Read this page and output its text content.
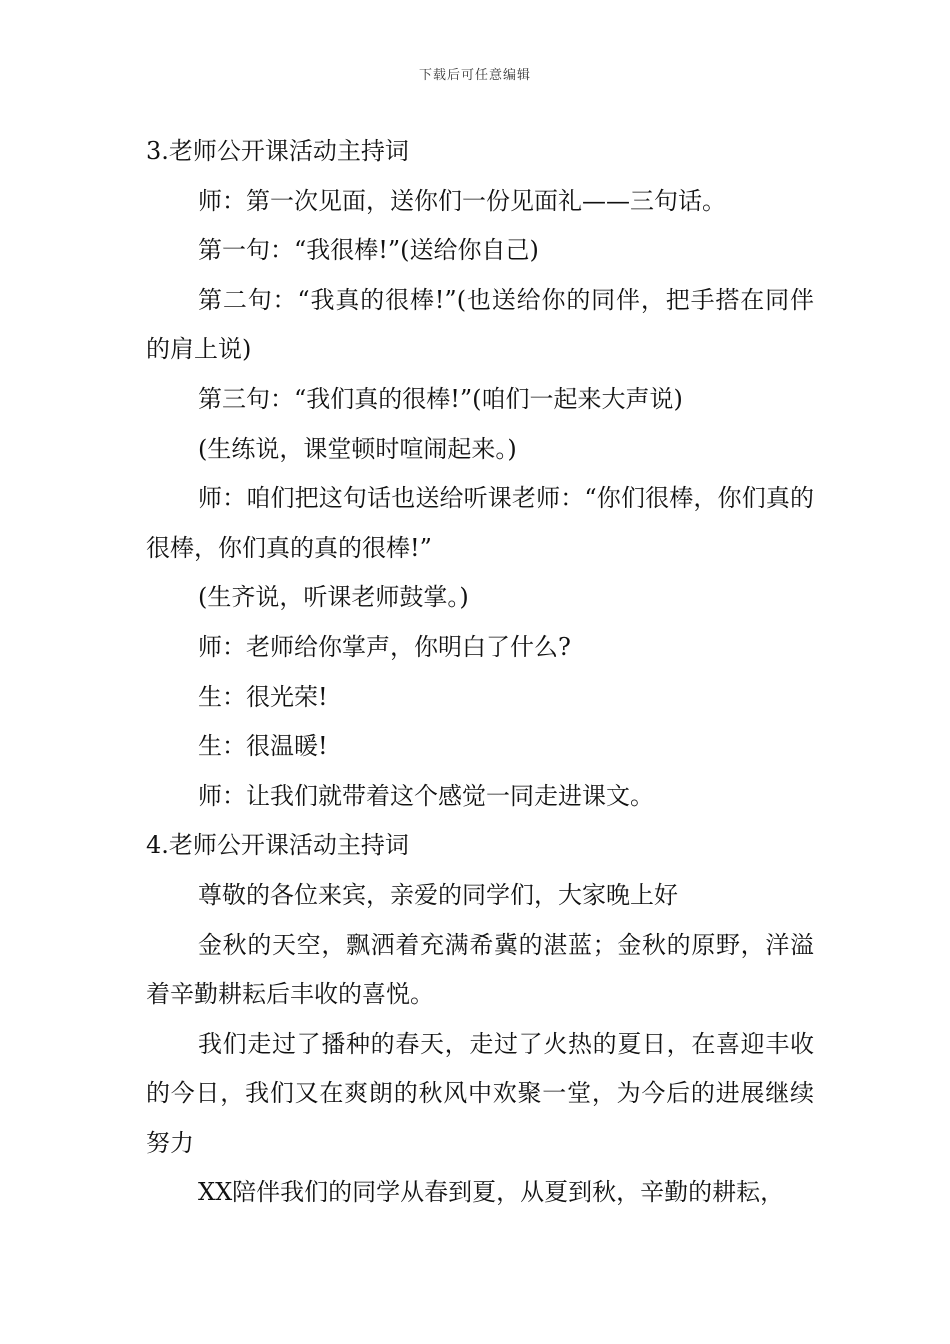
下载后可任意编辑

3.老师公开课活动主持词

师：第一次见面，送你们一份见面礼——三句话。

第一句：“我很棒!”(送给你自己)

第二句：“我真的很棒!”(也送给你的同伴，把手搭在同伴的肩上说)

第三句：“我们真的很棒!”(咱们一起来大声说)

(生练说，课堂顿时喧闹起来。)

师：咱们把这句话也送给听课老师：“你们很棒，你们真的很棒，你们真的真的很棒!”

(生齐说，听课老师鼓掌。)

师：老师给你掌声，你明白了什么?

生：很光荣!

生：很温暖!

师：让我们就带着这个感觉一同走进课文。

4.老师公开课活动主持词

尊敬的各位来宾，亲爱的同学们，大家晚上好

金秋的天空，飘洒着充满希冀的湛蓝；金秋的原野，洋溢着辛勤耕耘后丰收的喜悦。

我们走过了播种的春天，走过了火热的夏日，在喜迎丰收的今日，我们又在爽朗的秋风中欢聚一堂，为今后的进展继续努力

XX陪伴我们的同学从春到夏，从夏到秋，辛勤的耕耘，
